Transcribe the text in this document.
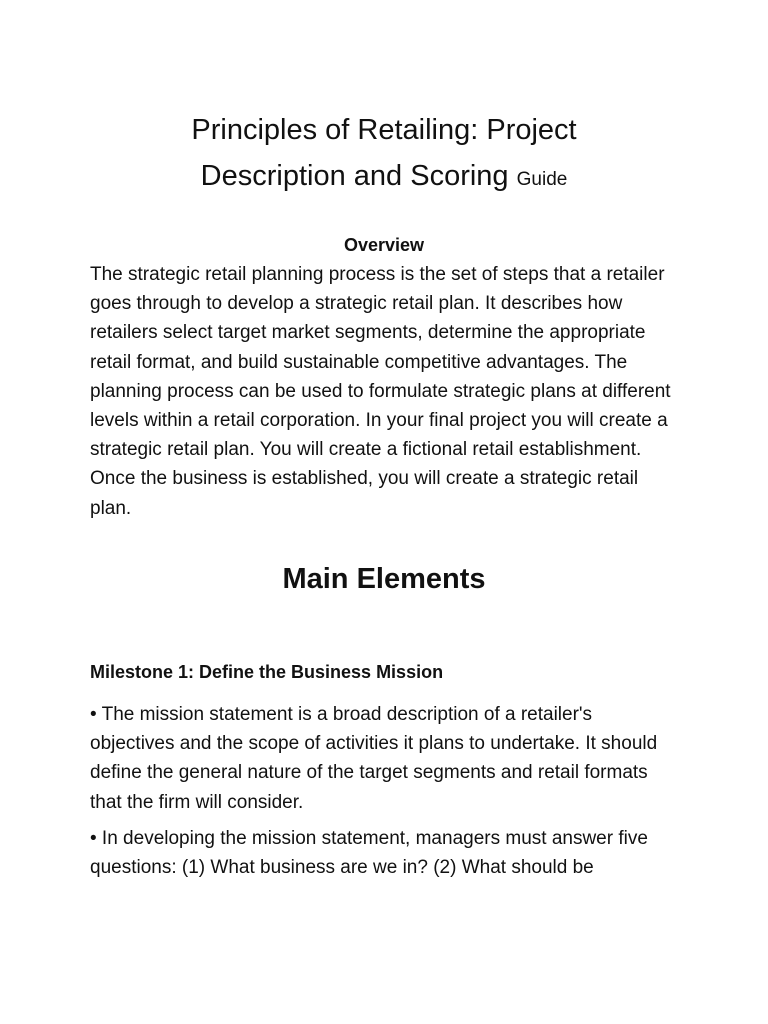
Principles of Retailing: Project
Description and Scoring Guide
Overview

The strategic retail planning process is the set of steps that a retailer goes through to develop a strategic retail plan. It describes how retailers select target market segments, determine the appropriate retail format, and build sustainable competitive advantages. The planning process can be used to formulate strategic plans at different levels within a retail corporation. In your final project you will create a strategic retail plan. You will create a fictional retail establishment. Once the business is established, you will create a strategic retail plan.

Main Elements
Milestone 1: Define the Business Mission

• The mission statement is a broad description of a retailer's objectives and the scope of activities it plans to undertake. It should define the general nature of the target segments and retail formats that the firm will consider.

• In developing the mission statement, managers must answer five questions: (1) What business are we in? (2) What should be
